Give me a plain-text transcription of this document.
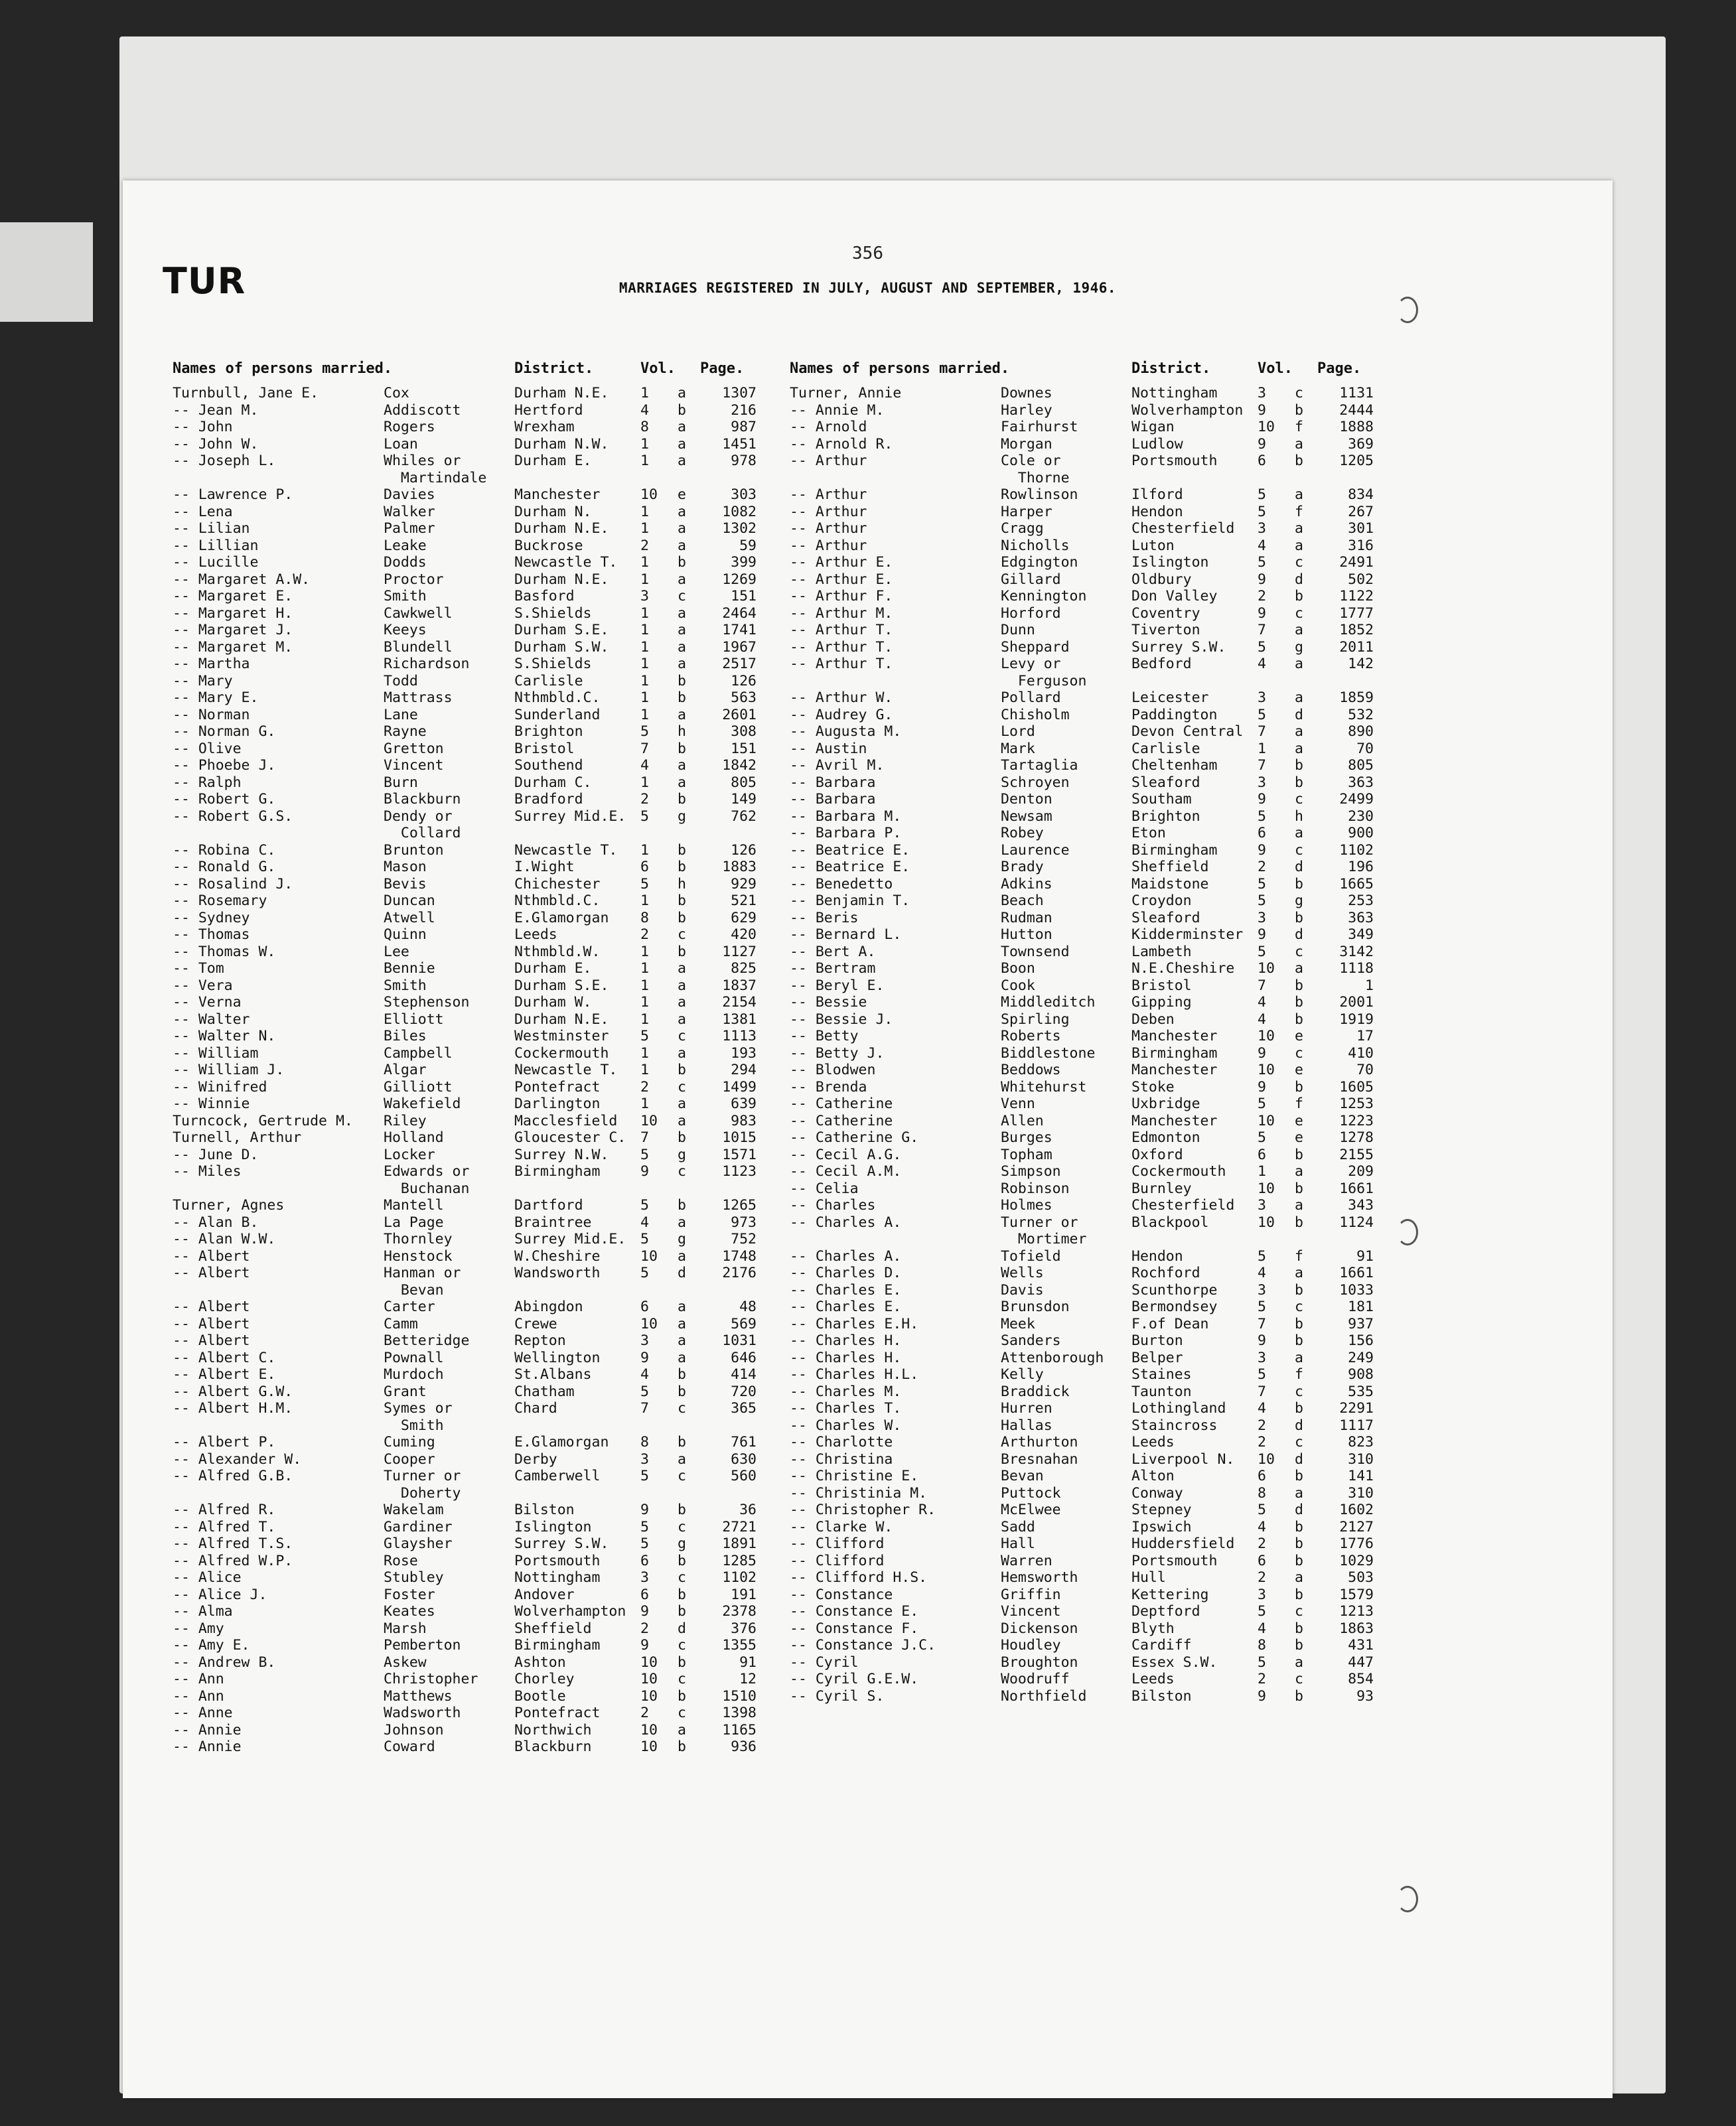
TUR
356
MARRIAGES REGISTERED IN JULY, AUGUST AND SEPTEMBER, 1946.
Names of persons married.	District.	Vol.	Page.
Turnbull, Jane E.	Cox	Durham N.E.	1	a	1307
-- Jean M.	Addiscott	Hertford	4	b	216
-- John	Rogers	Wrexham	8	a	987
-- John W.	Loan	Durham N.W.	1	a	1451
-- Joseph L.	Whiles or	Durham E.	1	a	978
Martindale
-- Lawrence P.	Davies	Manchester	10	e	303
-- Lena	Walker	Durham N.	1	a	1082
-- Lilian	Palmer	Durham N.E.	1	a	1302
-- Lillian	Leake	Buckrose	2	a	59
-- Lucille	Dodds	Newcastle T.	1	b	399
-- Margaret A.W.	Proctor	Durham N.E.	1	a	1269
-- Margaret E.	Smith	Basford	3	c	151
-- Margaret H.	Cawkwell	S.Shields	1	a	2464
-- Margaret J.	Keeys	Durham S.E.	1	a	1741
-- Margaret M.	Blundell	Durham S.W.	1	a	1967
-- Martha	Richardson	S.Shields	1	a	2517
-- Mary	Todd	Carlisle	1	b	126
-- Mary E.	Mattrass	Nthmbld.C.	1	b	563
-- Norman	Lane	Sunderland	1	a	2601
-- Norman G.	Rayne	Brighton	5	h	308
-- Olive	Gretton	Bristol	7	b	151
-- Phoebe J.	Vincent	Southend	4	a	1842
-- Ralph	Burn	Durham C.	1	a	805
-- Robert G.	Blackburn	Bradford	2	b	149
-- Robert G.S.	Dendy or	Surrey Mid.E.	5	g	762
Collard
-- Robina C.	Brunton	Newcastle T.	1	b	126
-- Ronald G.	Mason	I.Wight	6	b	1883
-- Rosalind J.	Bevis	Chichester	5	h	929
-- Rosemary	Duncan	Nthmbld.C.	1	b	521
-- Sydney	Atwell	E.Glamorgan	8	b	629
-- Thomas	Quinn	Leeds	2	c	420
-- Thomas W.	Lee	Nthmbld.W.	1	b	1127
-- Tom	Bennie	Durham E.	1	a	825
-- Vera	Smith	Durham S.E.	1	a	1837
-- Verna	Stephenson	Durham W.	1	a	2154
-- Walter	Elliott	Durham N.E.	1	a	1381
-- Walter N.	Biles	Westminster	5	c	1113
-- William	Campbell	Cockermouth	1	a	193
-- William J.	Algar	Newcastle T.	1	b	294
-- Winifred	Gilliott	Pontefract	2	c	1499
-- Winnie	Wakefield	Darlington	1	a	639
Turncock, Gertrude M.	Riley	Macclesfield	10	a	983
Turnell, Arthur	Holland	Gloucester C.	7	b	1015
-- June D.	Locker	Surrey N.W.	5	g	1571
-- Miles	Edwards or	Birmingham	9	c	1123
Buchanan
Turner, Agnes	Mantell	Dartford	5	b	1265
-- Alan B.	La Page	Braintree	4	a	973
-- Alan W.W.	Thornley	Surrey Mid.E.	5	g	752
-- Albert	Henstock	W.Cheshire	10	a	1748
-- Albert	Hanman or	Wandsworth	5	d	2176
Bevan
-- Albert	Carter	Abingdon	6	a	48
-- Albert	Camm	Crewe	10	a	569
-- Albert	Betteridge	Repton	3	a	1031
-- Albert C.	Pownall	Wellington	9	a	646
-- Albert E.	Murdoch	St.Albans	4	b	414
-- Albert G.W.	Grant	Chatham	5	b	720
-- Albert H.M.	Symes or	Chard	7	c	365
Smith
-- Albert P.	Cuming	E.Glamorgan	8	b	761
-- Alexander W.	Cooper	Derby	3	a	630
-- Alfred G.B.	Turner or	Camberwell	5	c	560
Doherty
-- Alfred R.	Wakelam	Bilston	9	b	36
-- Alfred T.	Gardiner	Islington	5	c	2721
-- Alfred T.S.	Glaysher	Surrey S.W.	5	g	1891
-- Alfred W.P.	Rose	Portsmouth	6	b	1285
-- Alice	Stubley	Nottingham	3	c	1102
-- Alice J.	Foster	Andover	6	b	191
-- Alma	Keates	Wolverhampton	9	b	2378
-- Amy	Marsh	Sheffield	2	d	376
-- Amy E.	Pemberton	Birmingham	9	c	1355
-- Andrew B.	Askew	Ashton	10	b	91
-- Ann	Christopher	Chorley	10	c	12
-- Ann	Matthews	Bootle	10	b	1510
-- Anne	Wadsworth	Pontefract	2	c	1398
-- Annie	Johnson	Northwich	10	a	1165
-- Annie	Coward	Blackburn	10	b	936
Names of persons married.	District.	Vol.	Page.
Turner, Annie	Downes	Nottingham	3	c	1131
-- Annie M.	Harley	Wolverhampton	9	b	2444
-- Arnold	Fairhurst	Wigan	10	f	1888
-- Arnold R.	Morgan	Ludlow	9	a	369
-- Arthur	Cole or	Portsmouth	6	b	1205
Thorne
-- Arthur	Rowlinson	Ilford	5	a	834
-- Arthur	Harper	Hendon	5	f	267
-- Arthur	Cragg	Chesterfield	3	a	301
-- Arthur	Nicholls	Luton	4	a	316
-- Arthur E.	Edgington	Islington	5	c	2491
-- Arthur E.	Gillard	Oldbury	9	d	502
-- Arthur F.	Kennington	Don Valley	2	b	1122
-- Arthur M.	Horford	Coventry	9	c	1777
-- Arthur T.	Dunn	Tiverton	7	a	1852
-- Arthur T.	Sheppard	Surrey S.W.	5	g	2011
-- Arthur T.	Levy or	Bedford	4	a	142
Ferguson
-- Arthur W.	Pollard	Leicester	3	a	1859
-- Audrey G.	Chisholm	Paddington	5	d	532
-- Augusta M.	Lord	Devon Central	7	a	890
-- Austin	Mark	Carlisle	1	a	70
-- Avril M.	Tartaglia	Cheltenham	7	b	805
-- Barbara	Schroyen	Sleaford	3	b	363
-- Barbara	Denton	Southam	9	c	2499
-- Barbara M.	Newsam	Brighton	5	h	230
-- Barbara P.	Robey	Eton	6	a	900
-- Beatrice E.	Laurence	Birmingham	9	c	1102
-- Beatrice E.	Brady	Sheffield	2	d	196
-- Benedetto	Adkins	Maidstone	5	b	1665
-- Benjamin T.	Beach	Croydon	5	g	253
-- Beris	Rudman	Sleaford	3	b	363
-- Bernard L.	Hutton	Kidderminster	9	d	349
-- Bert A.	Townsend	Lambeth	5	c	3142
-- Bertram	Boon	N.E.Cheshire	10	a	1118
-- Beryl E.	Cook	Bristol	7	b	1
-- Bessie	Middleditch	Gipping	4	b	2001
-- Bessie J.	Spirling	Deben	4	b	1919
-- Betty	Roberts	Manchester	10	e	17
-- Betty J.	Biddlestone	Birmingham	9	c	410
-- Blodwen	Beddows	Manchester	10	e	70
-- Brenda	Whitehurst	Stoke	9	b	1605
-- Catherine	Venn	Uxbridge	5	f	1253
-- Catherine	Allen	Manchester	10	e	1223
-- Catherine G.	Burges	Edmonton	5	e	1278
-- Cecil A.G.	Topham	Oxford	6	b	2155
-- Cecil A.M.	Simpson	Cockermouth	1	a	209
-- Celia	Robinson	Burnley	10	b	1661
-- Charles	Holmes	Chesterfield	3	a	343
-- Charles A.	Turner or	Blackpool	10	b	1124
Mortimer
-- Charles A.	Tofield	Hendon	5	f	91
-- Charles D.	Wells	Rochford	4	a	1661
-- Charles E.	Davis	Scunthorpe	3	b	1033
-- Charles E.	Brunsdon	Bermondsey	5	c	181
-- Charles E.H.	Meek	F.of Dean	7	b	937
-- Charles H.	Sanders	Burton	9	b	156
-- Charles H.	Attenborough	Belper	3	a	249
-- Charles H.L.	Kelly	Staines	5	f	908
-- Charles M.	Braddick	Taunton	7	c	535
-- Charles T.	Hurren	Lothingland	4	b	2291
-- Charles W.	Hallas	Staincross	2	d	1117
-- Charlotte	Arthurton	Leeds	2	c	823
-- Christina	Bresnahan	Liverpool N.	10	d	310
-- Christine E.	Bevan	Alton	6	b	141
-- Christinia M.	Puttock	Conway	8	a	310
-- Christopher R.	McElwee	Stepney	5	d	1602
-- Clarke W.	Sadd	Ipswich	4	b	2127
-- Clifford	Hall	Huddersfield	2	b	1776
-- Clifford	Warren	Portsmouth	6	b	1029
-- Clifford H.S.	Hemsworth	Hull	2	a	503
-- Constance	Griffin	Kettering	3	b	1579
-- Constance E.	Vincent	Deptford	5	c	1213
-- Constance F.	Dickenson	Blyth	4	b	1863
-- Constance J.C.	Houdley	Cardiff	8	b	431
-- Cyril	Broughton	Essex S.W.	5	a	447
-- Cyril G.E.W.	Woodruff	Leeds	2	c	854
-- Cyril S.	Northfield	Bilston	9	b	93
